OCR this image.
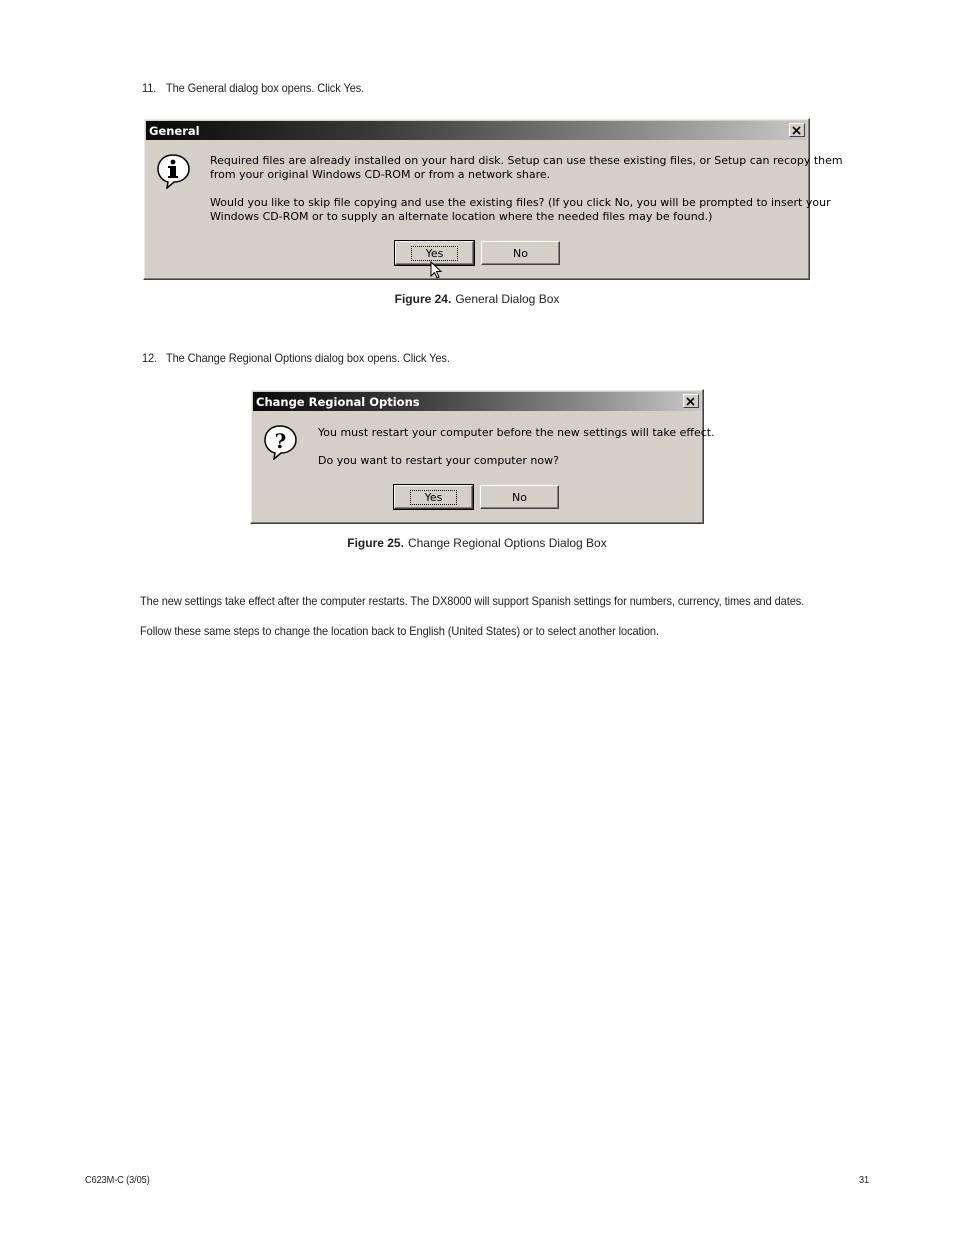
11. The General dialog box opens. Click Yes.
General
Required files are already installed on your hard disk. Setup can use these existing files, or Setup can recopy them
from your original Windows CD-ROM or from a network share.
Would you like to skip file copying and use the existing files? (If you click No, you will be prompted to insert your
Windows CD-ROM or to supply an alternate location where the needed files may be found.)
Yes	No
Figure 24. General Dialog Box
12. The Change Regional Options dialog box opens. Click Yes.
Change Regional Options
?	You must restart your computer before the new settings will take effect.
Do you want to restart your computer now?
Yes	No
Figure 25. Change Regional Options Dialog Box
The new settings take effect after the computer restarts. The DX8000 will support Spanish settings for numbers, currency, times and dates.
Follow these same steps to change the location back to English (United States) or to select another location.
C623M-C (3/05)	31
